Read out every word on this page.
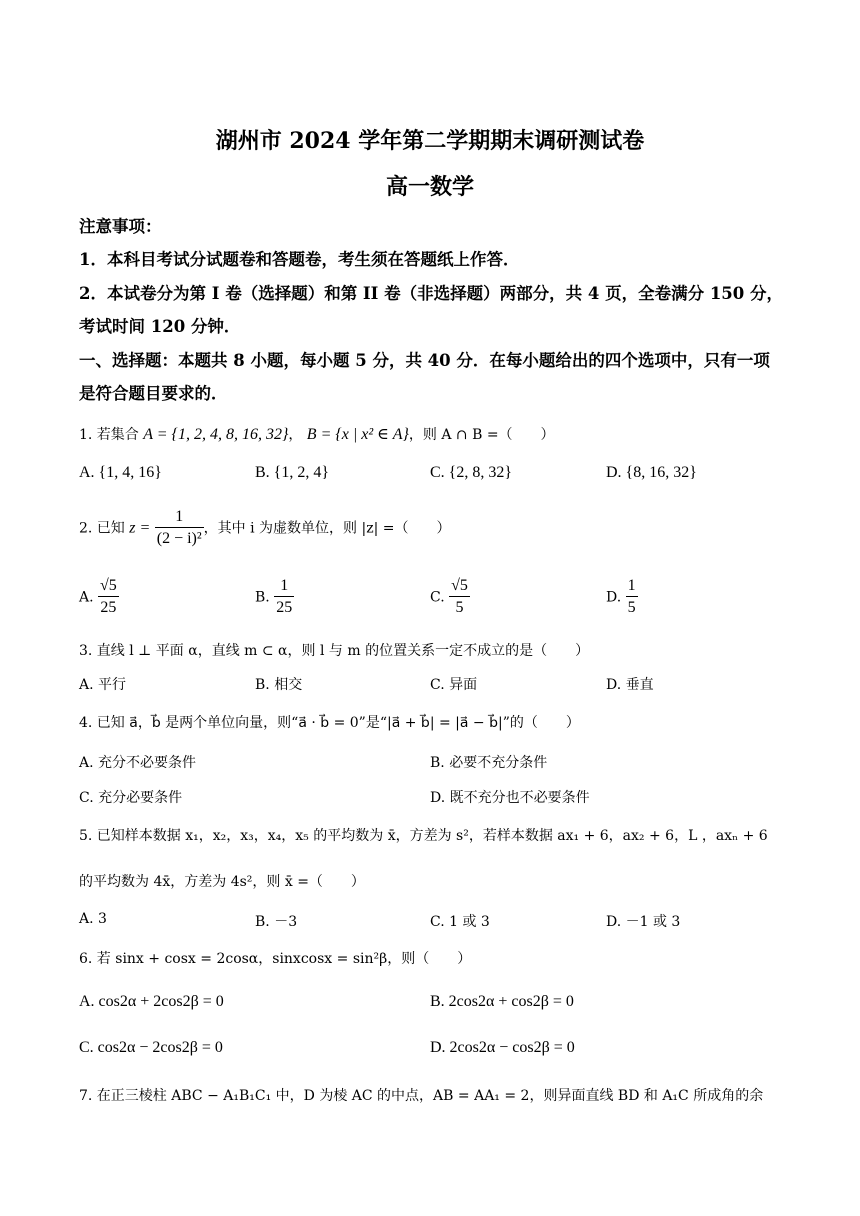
湖州市 2024 学年第二学期期末调研测试卷
高一数学
注意事项：
1．本科目考试分试题卷和答题卷，考生须在答题纸上作答．
2．本试卷分为第 I 卷（选择题）和第 II 卷（非选择题）两部分，共 4 页，全卷满分 150 分，
考试时间 120 分钟．
一、选择题：本题共 8 小题，每小题 5 分，共 40 分．在每小题给出的四个选项中，只有一项
是符合题目要求的．
1. 若集合 A = {1, 2, 4, 8, 16, 32}， B = {x | x² ∈ A}，则 A ∩ B =（　　）
A. {1, 4, 16}	B. {1, 2, 4}	C. {2, 8, 32}	D. {8, 16, 32}
2. 已知 $z = \frac{1}{\text{(2 − i)²}}$ ，其中 i 为虚数单位，则 |z| =（　　）
A. $\frac{√5}{25}$	B. $\frac{1}{25}$	C. $\frac{√5}{5}$	D. $\frac{1}{5}$
3. 直线 l ⊥ 平面 α，直线 m ⊂ α，则 l 与 m 的位置关系一定不成立的是（　　）
A. 平行	B. 相交	C. 异面	D. 垂直
4. 已知 a⃗，b⃗ 是两个单位向量，则“a⃗ · b⃗ = 0”是“|a⃗ + b⃗| = |a⃗ − b⃗|”的（　　）
A. 充分不必要条件	B. 必要不充分条件
C. 充分必要条件	D. 既不充分也不必要条件
5. 已知样本数据 x₁，x₂，x₃，x₄，x₅ 的平均数为 x̄，方差为 s²，若样本数据 ax₁ + 6，ax₂ + 6，L ，axₙ + 6
的平均数为 4x̄，方差为 4s²，则 x̄ =（　　）
A. 3	B. －3	C. 1 或 3	D. －1 或 3
6. 若 sinx + cosx = 2cosα，sinxcosx = sin²β，则（　　）
A. cos2α + 2cos2β = 0	B. 2cos2α + cos2β = 0
C. cos2α − 2cos2β = 0	D. 2cos2α − cos2β = 0
7. 在正三棱柱 ABC − A₁B₁C₁ 中，D 为棱 AC 的中点，AB = AA₁ = 2，则异面直线 BD 和 A₁C 所成角的余
